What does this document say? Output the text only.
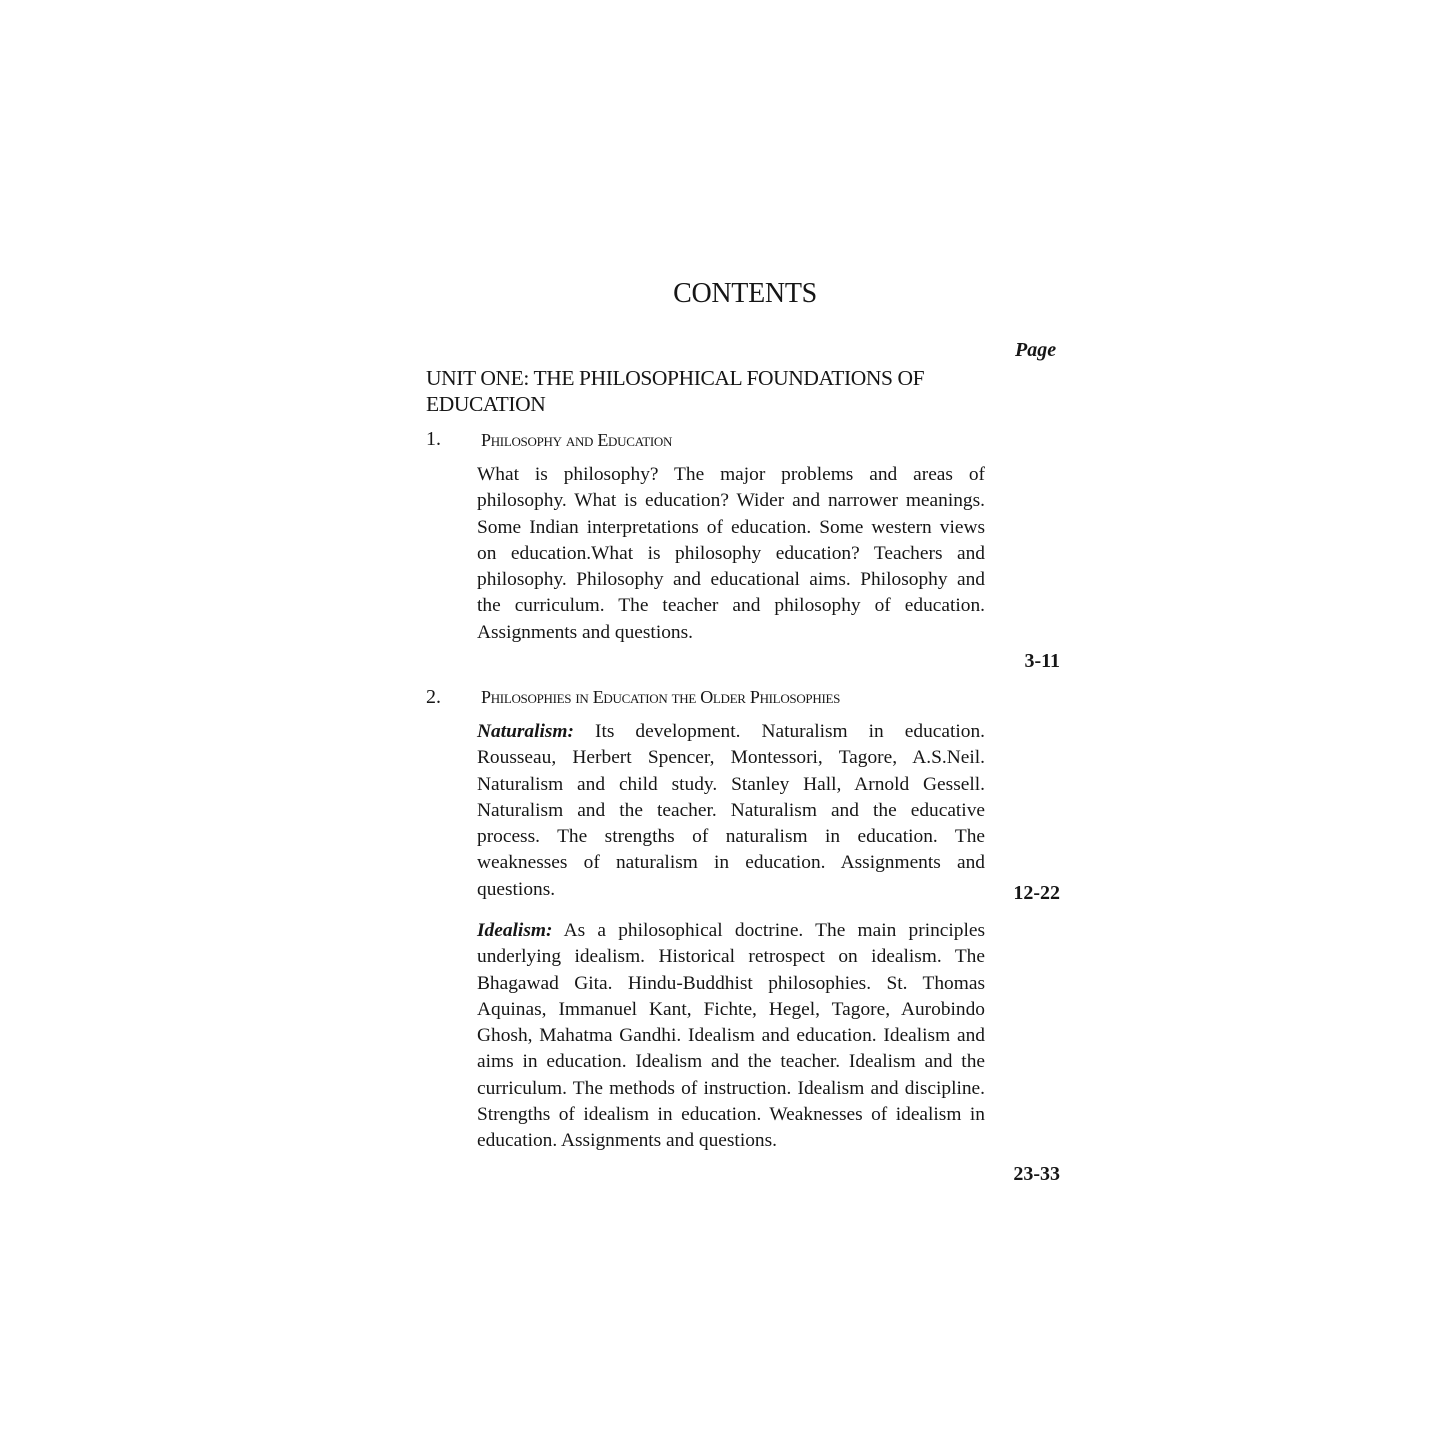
CONTENTS
Page
UNIT ONE: THE PHILOSOPHICAL FOUNDATIONS OF EDUCATION
1. Philosophy and Education
What is philosophy? The major problems and areas of philosophy. What is education? Wider and narrower meanings. Some Indian interpretations of education. Some western views on education.What is philosophy education? Teachers and philosophy. Philosophy and educational aims. Philosophy and the curriculum. The teacher and philosophy of education. Assignments and questions.
3-11
2. Philosophies in Education the Older Philosophies
Naturalism: Its development. Naturalism in education. Rousseau, Herbert Spencer, Montessori, Tagore, A.S.Neil. Naturalism and child study. Stanley Hall, Arnold Gessell. Naturalism and the teacher. Naturalism and the educative process. The strengths of naturalism in education. The weaknesses of naturalism in education. Assignments and questions.	12-22
Idealism: As a philosophical doctrine. The main principles underlying idealism. Historical retrospect on idealism. The Bhagawad Gita. Hindu-Buddhist philosophies. St. Thomas Aquinas, Immanuel Kant, Fichte, Hegel, Tagore, Aurobindo Ghosh, Mahatma Gandhi. Idealism and education. Idealism and aims in education. Idealism and the teacher. Idealism and the curriculum. The methods of instruction. Idealism and discipline. Strengths of idealism in education. Weaknesses of idealism in education. Assignments and questions.
23-33
